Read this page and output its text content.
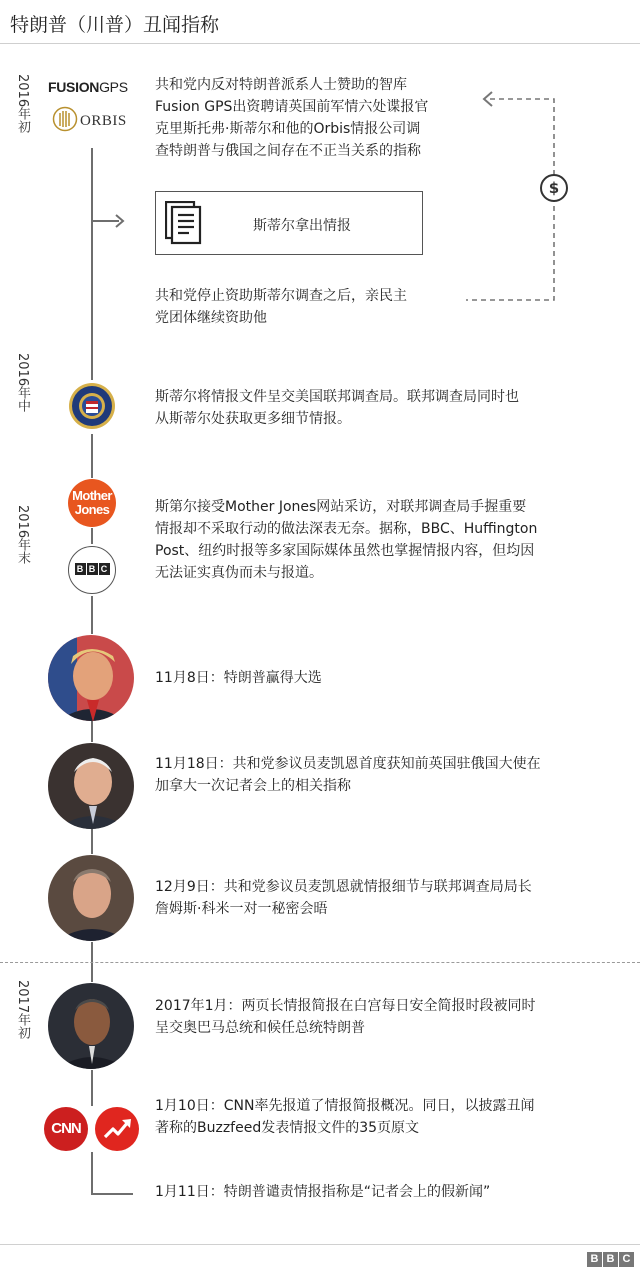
特朗普（川普）丑闻指称
2016年初
2016年中
2016年末
2017年初
$
FUSIONGPS
ORBIS
共和党内反对特朗普派系人士赞助的智库
Fusion GPS出资聘请英国前军情六处谍报官
克里斯托弗·斯蒂尔和他的Orbis情报公司调
查特朗普与俄国之间存在不正当关系的指称
斯蒂尔拿出情报
共和党停止资助斯蒂尔调查之后，亲民主
党团体继续资助他
斯蒂尔将情报文件呈交美国联邦调查局。联邦调查局同时也
从斯蒂尔处获取更多细节情报。
Mother
Jones
B B C
斯第尔接受Mother Jones网站采访，对联邦调查局手握重要
情报却不采取行动的做法深表无奈。据称，BBC、Huffington
Post、纽约时报等多家国际媒体虽然也掌握情报内容，但均因
无法证实真伪而未与报道。
11月8日：特朗普赢得大选
11月18日：共和党参议员麦凯恩首度获知前英国驻俄国大使在
加拿大一次记者会上的相关指称
12月9日：共和党参议员麦凯恩就情报细节与联邦调查局局长
詹姆斯·科米一对一秘密会晤
2017年1月：两页长情报简报在白宫每日安全简报时段被同时
呈交奥巴马总统和候任总统特朗普
CNN
1月10日：CNN率先报道了情报简报概况。同日，以披露丑闻
著称的Buzzfeed发表情报文件的35页原文
1月11日：特朗普谴责情报指称是“记者会上的假新闻”
B B C
